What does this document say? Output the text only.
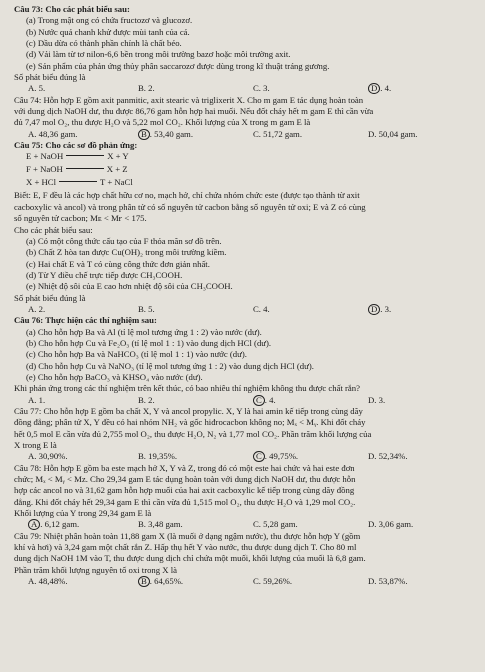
Câu 73: Cho các phát biểu sau:
(a) Trong mật ong có chứa fructozơ và glucozơ.
(b) Nước quả chanh khử được mùi tanh của cá.
(c) Dầu dừa có thành phần chính là chất béo.
(d) Vải làm từ tơ nilon-6,6 bền trong môi trường bazơ hoặc môi trường axit.
(e) Sản phẩm của phản ứng thủy phân saccarozơ được dùng trong kĩ thuật tráng gương.
Số phát biểu đúng là
A. 5.	B. 2.	C. 3.	D . 4.
Câu 74: Hỗn hợp E gồm axit panmitic, axit stearic và triglixerit X. Cho m gam E tác dụng hoàn toàn
với dung dịch NaOH dư, thu được 86,76 gam hỗn hợp hai muối. Nếu đốt cháy hết m gam E thì cần vừa
đủ 7,47 mol O₂, thu được H₂O và 5,22 mol CO₂. Khối lượng của X trong m gam E là
A. 48,36 gam.	B . 53,40 gam.	C. 51,72 gam.	D. 50,04 gam.
Câu 75: Cho các sơ đồ phản ứng:
E + NaOH	X + Y
F + NaOH	X + Z
X + HCl	T + NaCl
Biết: E, F đều là các hợp chất hữu cơ no, mạch hở, chỉ chứa nhóm chức este (được tạo thành từ axit
cacboxylic và ancol) và trong phân tử có số nguyên tử cacbon bằng số nguyên tử oxi; E và Z có cùng
số nguyên tử cacbon; Mᴇ < Mғ < 175.
Cho các phát biểu sau:
(a) Có một công thức cấu tạo của F thỏa mãn sơ đồ trên.
(b) Chất Z hòa tan được Cu(OH)₂ trong môi trường kiềm.
(c) Hai chất E và T có cùng công thức đơn giản nhất.
(d) Từ Y điều chế trực tiếp được CH₃COOH.
(e) Nhiệt độ sôi của E cao hơn nhiệt độ sôi của CH₃COOH.
Số phát biểu đúng là
A. 2.	B. 5.	C. 4.	D . 3.
Câu 76: Thực hiện các thí nghiệm sau:
(a) Cho hỗn hợp Ba và Al (tỉ lệ mol tương ứng 1 : 2) vào nước (dư).
(b) Cho hỗn hợp Cu và Fe₂O₃ (tỉ lệ mol 1 : 1) vào dung dịch HCl (dư).
(c) Cho hỗn hợp Ba và NaHCO₃ (tỉ lệ mol 1 : 1) vào nước (dư).
(d) Cho hỗn hợp Cu và NaNO₃ (tỉ lệ mol tương ứng 1 : 2) vào dung dịch HCl (dư).
(e) Cho hỗn hợp BaCO₃ và KHSO₄ vào nước (dư).
Khi phản ứng trong các thí nghiệm trên kết thúc, có bao nhiêu thí nghiệm không thu được chất rắn?
A. 1.	B. 2.	C . 4.	D. 3.
Câu 77: Cho hỗn hợp E gồm ba chất X, Y và ancol propylic. X, Y là hai amin kế tiếp trong cùng dãy
đồng đẳng; phân tử X, Y đều có hai nhóm NH₂ và gốc hiđrocacbon không no; Mₓ < Mᵧ. Khi đốt cháy
hết 0,5 mol E cần vừa đủ 2,755 mol O₂, thu được H₂O, N₂ và 1,77 mol CO₂. Phần trăm khối lượng của
X trong E là
A. 30,90%.	B. 19,35%.	C . 49,75%.	D. 52,34%.
Câu 78: Hỗn hợp E gồm ba este mạch hở X, Y và Z, trong đó có một este hai chức và hai este đơn
chức; Mₓ < Mᵧ < Mᴢ. Cho 29,34 gam E tác dụng hoàn toàn với dung dịch NaOH dư, thu được hỗn
hợp các ancol no và 31,62 gam hỗn hợp muối của hai axit cacboxylic kế tiếp trong cùng dãy đồng
đẳng. Khi đốt cháy hết 29,34 gam E thì cần vừa đủ 1,515 mol O₂, thu được H₂O và 1,29 mol CO₂.
Khối lượng của Y trong 29,34 gam E là
A . 6,12 gam.	B. 3,48 gam.	C. 5,28 gam.	D. 3,06 gam.
Câu 79: Nhiệt phân hoàn toàn 11,88 gam X (là muối ở dạng ngậm nước), thu được hỗn hợp Y (gồm
khí và hơi) và 3,24 gam một chất rắn Z. Hấp thụ hết Y vào nước, thu được dung dịch T. Cho 80 ml
dung dịch NaOH 1M vào T, thu được dung dịch chỉ chứa một muối, khối lượng của muối là 6,8 gam.
Phần trăm khối lượng nguyên tố oxi trong X là
A. 48,48%.	B . 64,65%.	C. 59,26%.	D. 53,87%.
